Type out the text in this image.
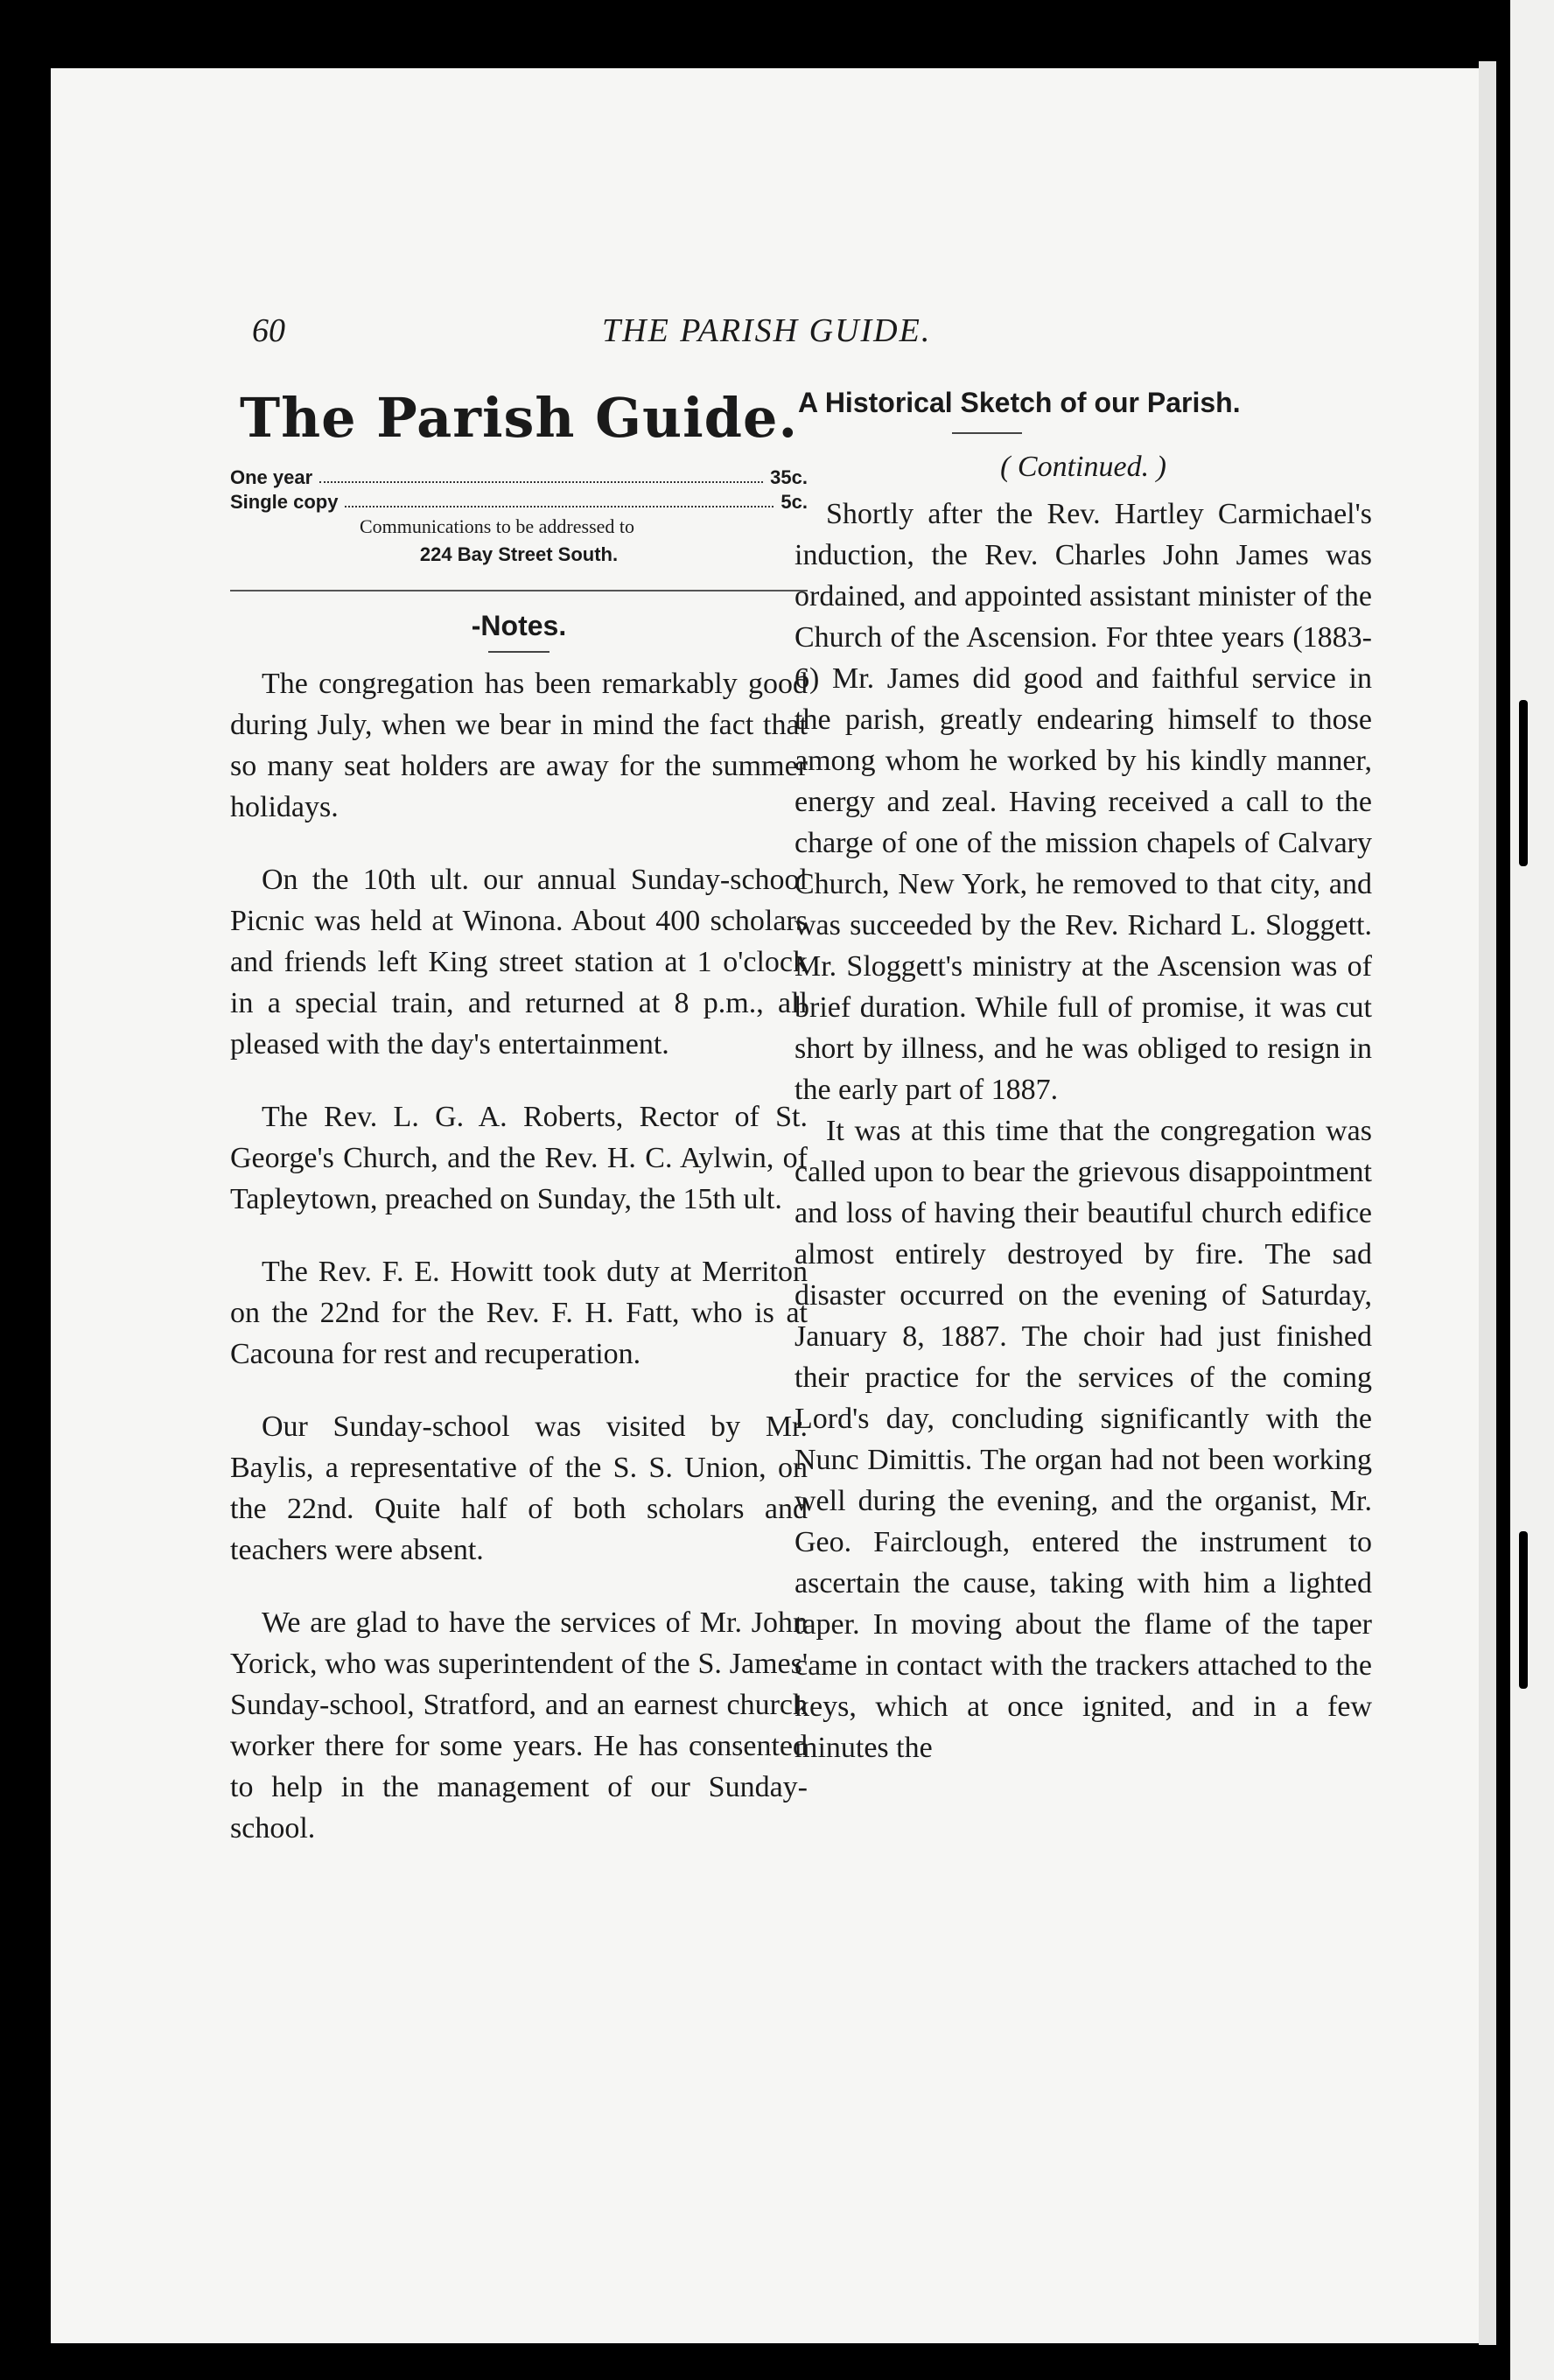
60	THE PARISH GUIDE.
The Parish Guide.
One year	35c.
Single copy	5c.
Communications to be addressed to
224 Bay Street South.
-Notes.

The congregation has been remarkably good during July, when we bear in mind the fact that so many seat holders are away for the summer holidays.

On the 10th ult. our annual Sunday-school Picnic was held at Winona. About 400 scholars and friends left King street station at 1 o'clock in a special train, and returned at 8 p.m., all pleased with the day's entertainment.

The Rev. L. G. A. Roberts, Rector of St. George's Church, and the Rev. H. C. Aylwin, of Tapleytown, preached on Sunday, the 15th ult.

The Rev. F. E. Howitt took duty at Merriton on the 22nd for the Rev. F. H. Fatt, who is at Cacouna for rest and recuperation.

Our Sunday-school was visited by Mr. Baylis, a representative of the S. S. Union, on the 22nd. Quite half of both scholars and teachers were absent.

We are glad to have the services of Mr. John Yorick, who was superintendent of the S. James' Sunday-school, Stratford, and an earnest church worker there for some years. He has consented to help in the management of our Sunday-school.

A Historical Sketch of our Parish.
( Continued. )

Shortly after the Rev. Hartley Carmichael's induction, the Rev. Charles John James was ordained, and appointed assistant minister of the Church of the Ascension. For thtee years (1883-6) Mr. James did good and faithful service in the parish, greatly endearing himself to those among whom he worked by his kindly manner, energy and zeal. Having received a call to the charge of one of the mission chapels of Calvary Church, New York, he removed to that city, and was succeeded by the Rev. Richard L. Sloggett. Mr. Sloggett's ministry at the Ascension was of brief duration. While full of promise, it was cut short by illness, and he was obliged to resign in the early part of 1887.

It was at this time that the congregation was called upon to bear the grievous disappointment and loss of having their beautiful church edifice almost entirely destroyed by fire. The sad disaster occurred on the evening of Saturday, January 8, 1887. The choir had just finished their practice for the services of the coming Lord's day, concluding significantly with the Nunc Dimittis. The organ had not been working well during the evening, and the organist, Mr. Geo. Fairclough, entered the instrument to ascertain the cause, taking with him a lighted taper. In moving about the flame of the taper came in contact with the trackers attached to the keys, which at once ignited, and in a few minutes the
